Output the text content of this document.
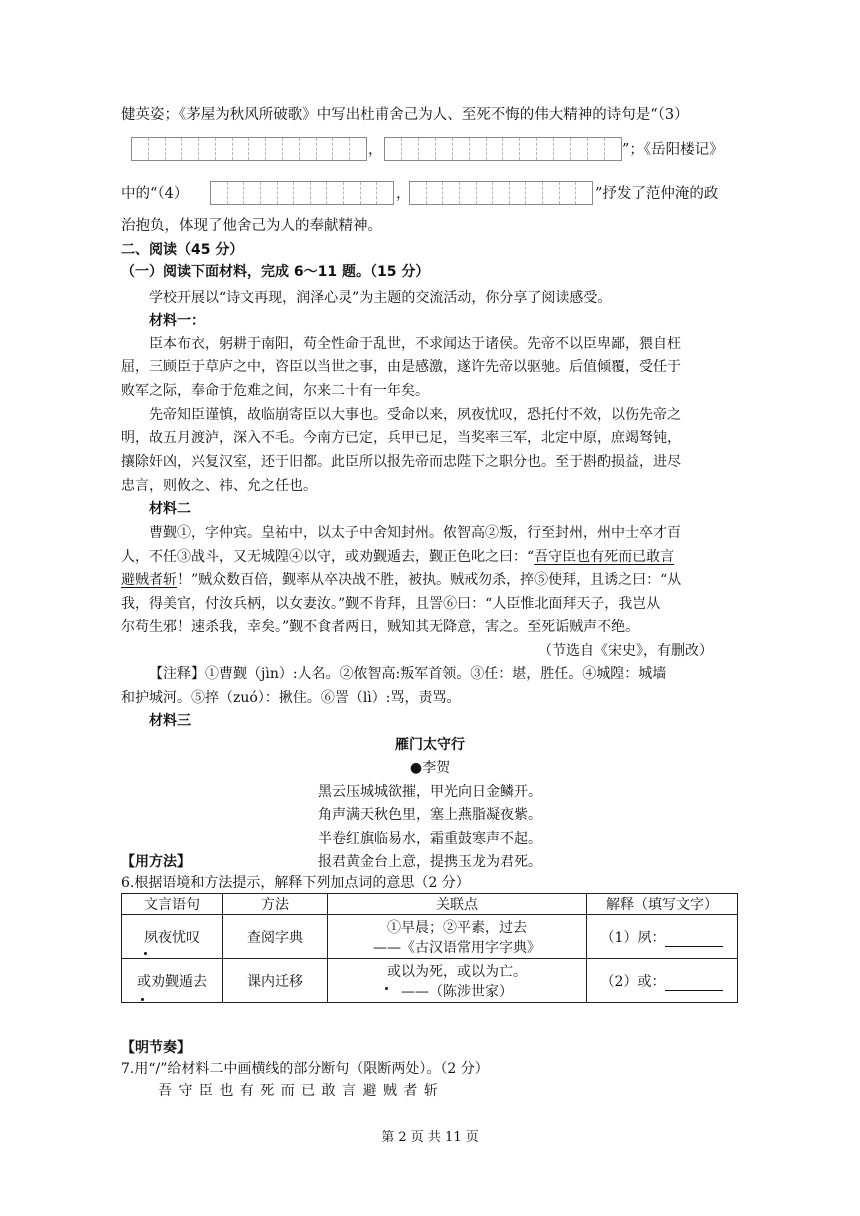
健英姿；《茅屋为秋风所破歌》中写出杜甫舍己为人、至死不悔的伟大精神的诗句是“（3）
，	”；《岳阳楼记》
中的“（4）	，	”抒发了范仲淹的政
治抱负，体现了他舍己为人的奉献精神。
二、阅读（45 分）
（一）阅读下面材料，完成 6～11 题。（15 分）
学校开展以“诗文再现，润泽心灵”为主题的交流活动，你分享了阅读感受。
材料一：
臣本布衣，躬耕于南阳，苟全性命于乱世，不求闻达于诸侯。先帝不以臣卑鄙，猥自枉
屈，三顾臣于草庐之中，咨臣以当世之事，由是感激，遂许先帝以驱驰。后值倾覆，受任于
败军之际，奉命于危难之间，尔来二十有一年矣。
先帝知臣谨慎，故临崩寄臣以大事也。受命以来，夙夜忧叹，恐托付不效，以伤先帝之
明，故五月渡泸，深入不毛。今南方已定，兵甲已足，当奖率三军，北定中原，庶竭驽钝，
攘除奸凶，兴复汉室，还于旧都。此臣所以报先帝而忠陛下之职分也。至于斟酌损益，进尽
忠言，则攸之、祎、允之任也。
材料二
曹觐①，字仲宾。皇祐中，以太子中舍知封州。侬智高②叛，行至封州，州中士卒才百
人，不任③战斗，又无城隍④以守，或劝觐遁去，觐正色叱之曰：“吾守臣也有死而已敢言
避贼者斩！”贼众数百倍，觐率从卒决战不胜，被执。贼戒勿杀，捽⑤使拜，且诱之曰：“从
我，得美官，付汝兵柄，以女妻汝。”觐不肯拜，且詈⑥曰：“人臣惟北面拜天子，我岂从
尔苟生邪！速杀我，幸矣。”觐不食者两日，贼知其无降意，害之。至死诟贼声不绝。
（节选自《宋史》，有删改）
【注释】①曹觐（jìn）:人名。②侬智高:叛军首领。③任：堪，胜任。④城隍：城墙
和护城河。⑤捽（zuó）：揪住。⑥詈（lì）:骂，责骂。
材料三
雁门太守行
●李贺
黑云压城城欲摧，甲光向日金鳞开。
角声满天秋色里，塞上燕脂凝夜紫。
半卷红旗临易水，霜重鼓寒声不起。
报君黄金台上意，提携玉龙为君死。
【用方法】
6.根据语境和方法提示，解释下列加点词的意思（2 分）
文言语句	方法	关联点	解释（填写文字）
夙夜忧叹	查阅字典	①早晨；②平素，过去
——《古汉语常用字字典》	（1）夙：
或劝觐遁去	课内迁移	或以为死，或以为亡。
——（陈涉世家）	（2）或：
【明节奏】
7.用“/”给材料二中画横线的部分断句（限断两处）。（2 分）
吾 守 臣 也 有 死 而 已 敢 言 避 贼 者 斩
第 2 页 共 11 页
